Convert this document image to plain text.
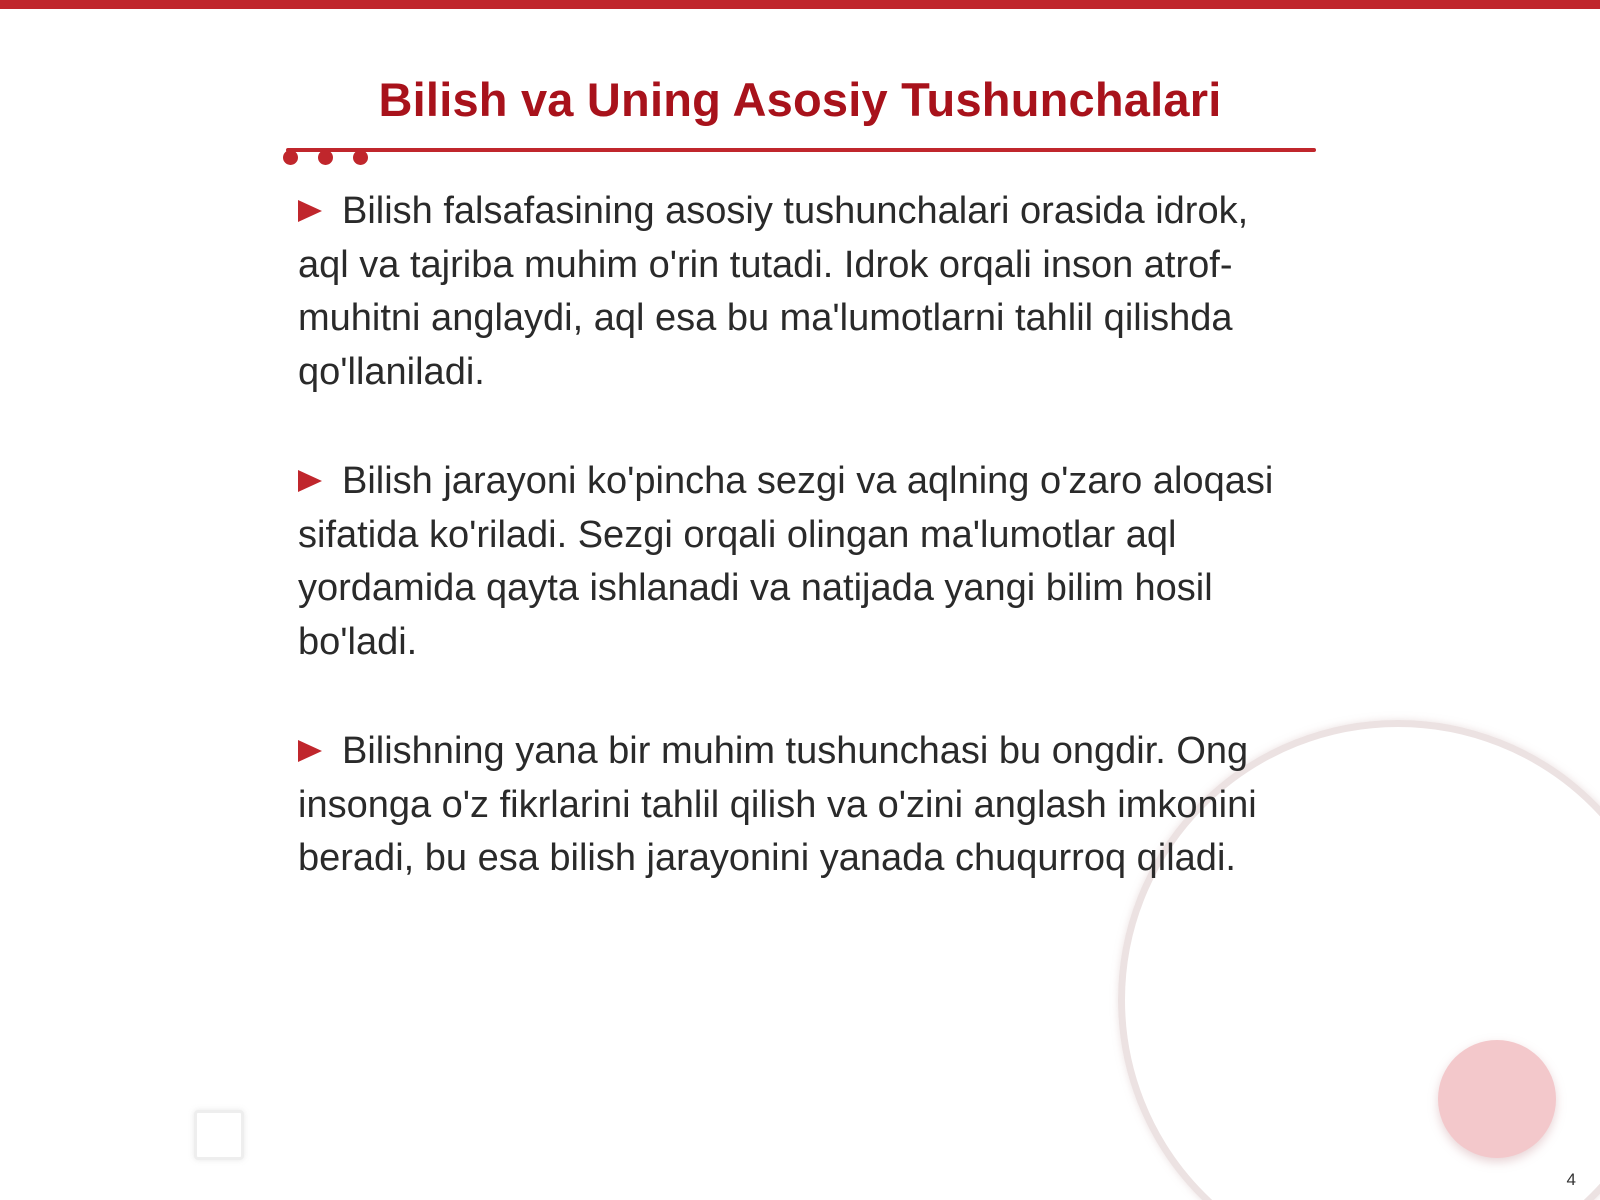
Bilish va Uning Asosiy Tushunchalari

Bilish falsafasining asosiy tushunchalari orasida idrok, aql va tajriba muhim o'rin tutadi. Idrok orqali inson atrof-muhitni anglaydi, aql esa bu ma'lumotlarni tahlil qilishda qo'llaniladi.

Bilish jarayoni ko'pincha sezgi va aqlning o'zaro aloqasi sifatida ko'riladi. Sezgi orqali olingan ma'lumotlar aql yordamida qayta ishlanadi va natijada yangi bilim hosil bo'ladi.

Bilishning yana bir muhim tushunchasi bu ongdir. Ong insonga o'z fikrlarini tahlil qilish va o'zini anglash imkonini beradi, bu esa bilish jarayonini yanada chuqurroq qiladi.

4
